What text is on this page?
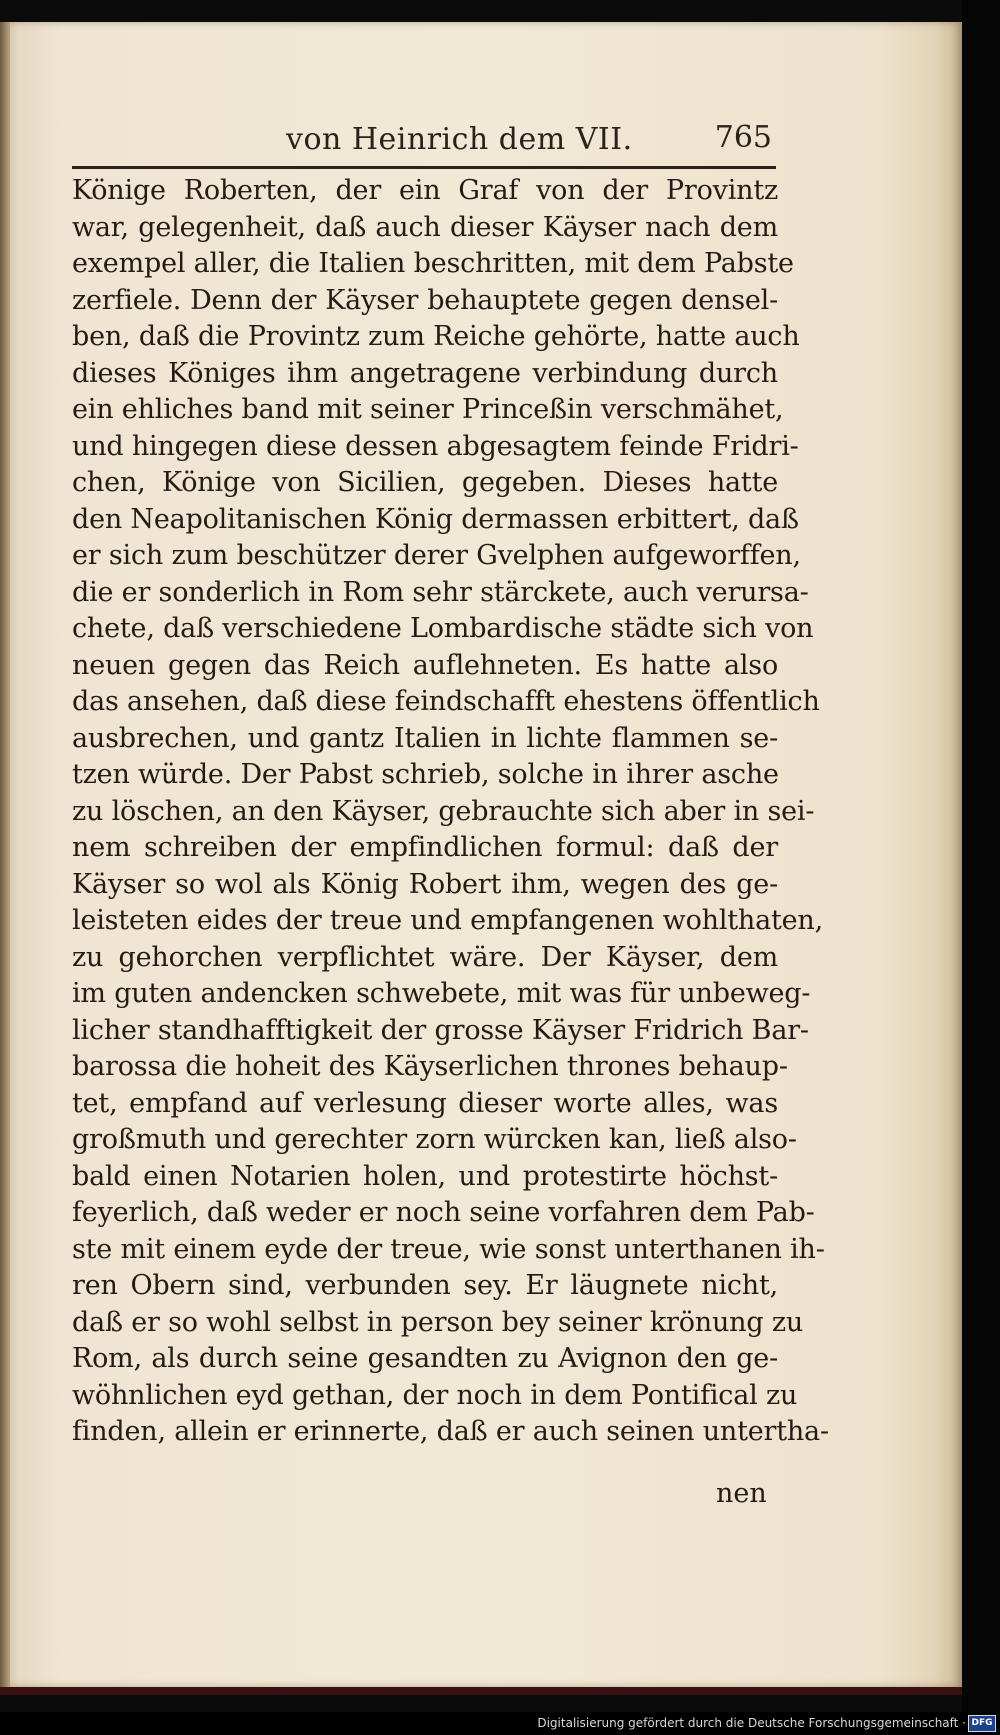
von Heinrich dem VII.	765
Könige Roberten, der ein Graf von der Provintz
war, gelegenheit, daß auch dieser Käyser nach dem
exempel aller, die Italien beschritten, mit dem Pabste
zerfiele. Denn der Käyser behauptete gegen densel-
ben, daß die Provintz zum Reiche gehörte, hatte auch
dieses Königes ihm angetragene verbindung durch
ein ehliches band mit seiner Princeßin verschmähet,
und hingegen diese dessen abgesagtem feinde Fridri-
chen, Könige von Sicilien, gegeben. Dieses hatte
den Neapolitanischen König dermassen erbittert, daß
er sich zum beschützer derer Gvelphen aufgeworffen,
die er sonderlich in Rom sehr stärckete, auch verursa-
chete, daß verschiedene Lombardische städte sich von
neuen gegen das Reich auflehneten. Es hatte also
das ansehen, daß diese feindschafft ehestens öffentlich
ausbrechen, und gantz Italien in lichte flammen se-
tzen würde. Der Pabst schrieb, solche in ihrer asche
zu löschen, an den Käyser, gebrauchte sich aber in sei-
nem schreiben der empfindlichen formul: daß der
Käyser so wol als König Robert ihm, wegen des ge-
leisteten eides der treue und empfangenen wohlthaten,
zu gehorchen verpflichtet wäre. Der Käyser, dem
im guten andencken schwebete, mit was für unbeweg-
licher standhafftigkeit der grosse Käyser Fridrich Bar-
barossa die hoheit des Käyserlichen thrones behaup-
tet, empfand auf verlesung dieser worte alles, was
großmuth und gerechter zorn würcken kan, ließ also-
bald einen Notarien holen, und protestirte höchst-
feyerlich, daß weder er noch seine vorfahren dem Pab-
ste mit einem eyde der treue, wie sonst unterthanen ih-
ren Obern sind, verbunden sey. Er läugnete nicht,
daß er so wohl selbst in person bey seiner krönung zu
Rom, als durch seine gesandten zu Avignon den ge-
wöhnlichen eyd gethan, der noch in dem Pontifical zu
finden, allein er erinnerte, daß er auch seinen untertha-
nen
Digitalisierung gefördert durch die Deutsche Forschungsgemeinschaft · DFG
